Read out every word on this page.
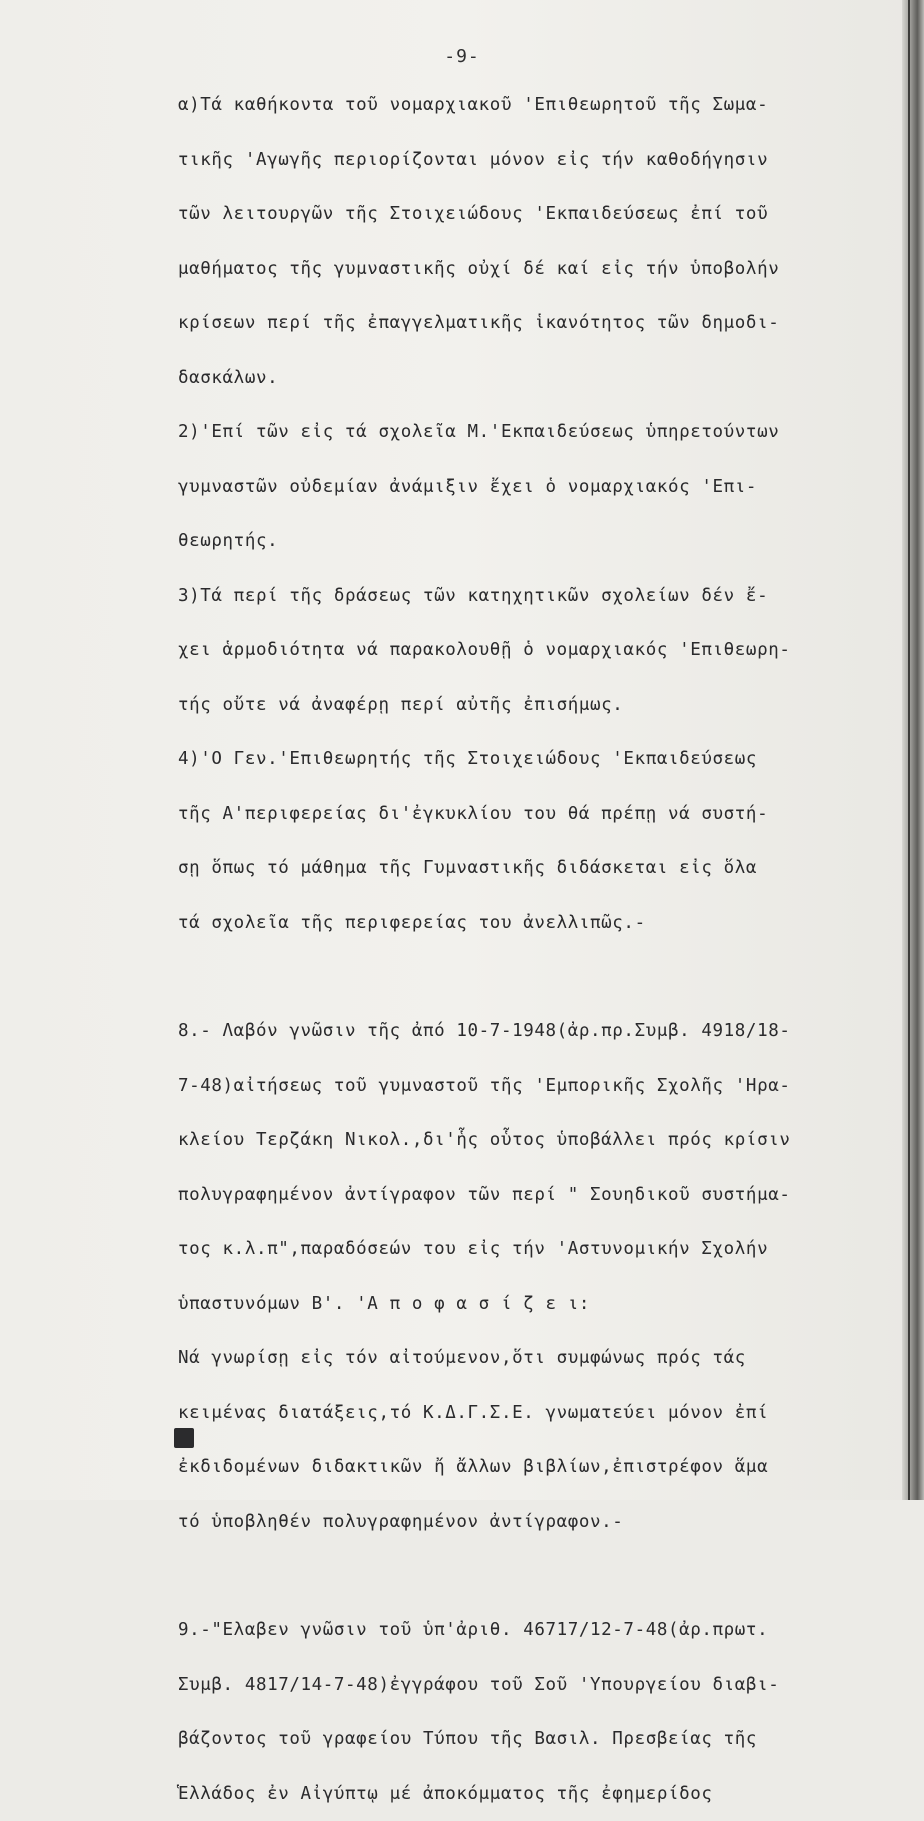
-9-
α)Τά καθήκοντα τοῦ νομαρχιακοῦ 'Επιθεωρητοῦ τῆς Σωμα-
τικῆς 'Αγωγῆς περιορίζονται μόνον εἰς τήν καθοδήγησιν
τῶν λειτουργῶν τῆς Στοιχειώδους 'Εκπαιδεύσεως ἐπί τοῦ
μαθήματος τῆς γυμναστικῆς οὐχί δέ καί εἰς τήν ὑποβολήν
κρίσεων περί τῆς ἐπαγγελματικῆς ἱκανότητος τῶν δημοδι-
δασκάλων.
2)'Επί τῶν εἰς τά σχολεῖα Μ.'Εκπαιδεύσεως ὑπηρετούντων
γυμναστῶν οὐδεμίαν ἀνάμιξιν ἔχει ὁ νομαρχιακός 'Επι-
θεωρητής.
3)Τά περί τῆς δράσεως τῶν κατηχητικῶν σχολείων δέν ἔ-
χει ἁρμοδιότητα νά παρακολουθῇ ὁ νομαρχιακός 'Επιθεωρη-
τής οὔτε νά ἀναφέρῃ περί αὐτῆς ἐπισήμως.
4)'Ο Γεν.'Επιθεωρητής τῆς Στοιχειώδους 'Εκπαιδεύσεως
τῆς Α'περιφερείας δι'ἐγκυκλίου του θά πρέπῃ νά συστή-
σῃ ὅπως τό μάθημα τῆς Γυμναστικῆς διδάσκεται εἰς ὅλα
τά σχολεῖα τῆς περιφερείας του ἀνελλιπῶς.-
8.- Λαβόν γνῶσιν τῆς ἀπό 10-7-1948(ἀρ.πρ.Συμβ. 4918/18-
7-48)αἰτήσεως τοῦ γυμναστοῦ τῆς 'Εμπορικῆς Σχολῆς 'Ηρα-
κλείου Τερζάκη Νικολ.,δι'ἧς οὗτος ὑποβάλλει πρός κρίσιν
πολυγραφημένον ἀντίγραφον τῶν περί " Σουηδικοῦ συστήμα-
τος κ.λ.π",παραδόσεών του εἰς τήν 'Αστυνομικήν Σχολήν
ὑπαστυνόμων Β'. 'Α π ο φ α σ ί ζ ε ι:
Νά γνωρίσῃ εἰς τόν αἰτούμενον,ὅτι συμφώνως πρός τάς
κειμένας διατάξεις,τό Κ.Δ.Γ.Σ.Ε. γνωματεύει μόνον ἐπί
ἐκδιδομένων διδακτικῶν ἤ ἄλλων βιβλίων,ἐπιστρέφον ἅμα
τό ὑποβληθέν πολυγραφημένον ἀντίγραφον.-
9.-"Ελαβεν γνῶσιν τοῦ ὑπ'ἀριθ. 46717/12-7-48(ἀρ.πρωτ.
Συμβ. 4817/14-7-48)ἐγγράφου τοῦ Σοῦ 'Υπουργείου διαβι-
βάζοντος τοῦ γραφείου Τύπου τῆς Βασιλ. Πρεσβείας τῆς
Ἑλλάδος ἐν Αἰγύπτῳ μέ ἀποκόμματος τῆς ἐφημερίδος
